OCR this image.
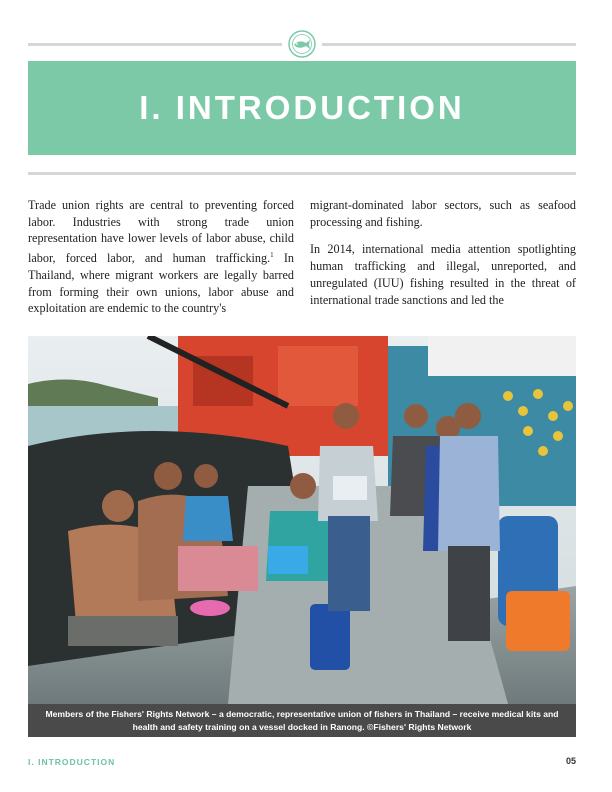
I. INTRODUCTION

Trade union rights are central to preventing forced labor. Industries with strong trade union representation have lower levels of labor abuse, child labor, forced labor, and human trafficking.$^1$ In Thailand, where migrant workers are legally barred from forming their own unions, labor abuse and exploitation are endemic to the country's

migrant-dominated labor sectors, such as seafood processing and fishing.

In 2014, international media attention spotlighting human trafficking and illegal, unreported, and unregulated (IUU) fishing resulted in the threat of international trade sanctions and led the

Members of the Fishers' Rights Network – a democratic, representative union of fishers in Thailand – receive medical kits and health and safety training on a vessel docked in Ranong. ©Fishers' Rights Network
I. INTRODUCTION	05
